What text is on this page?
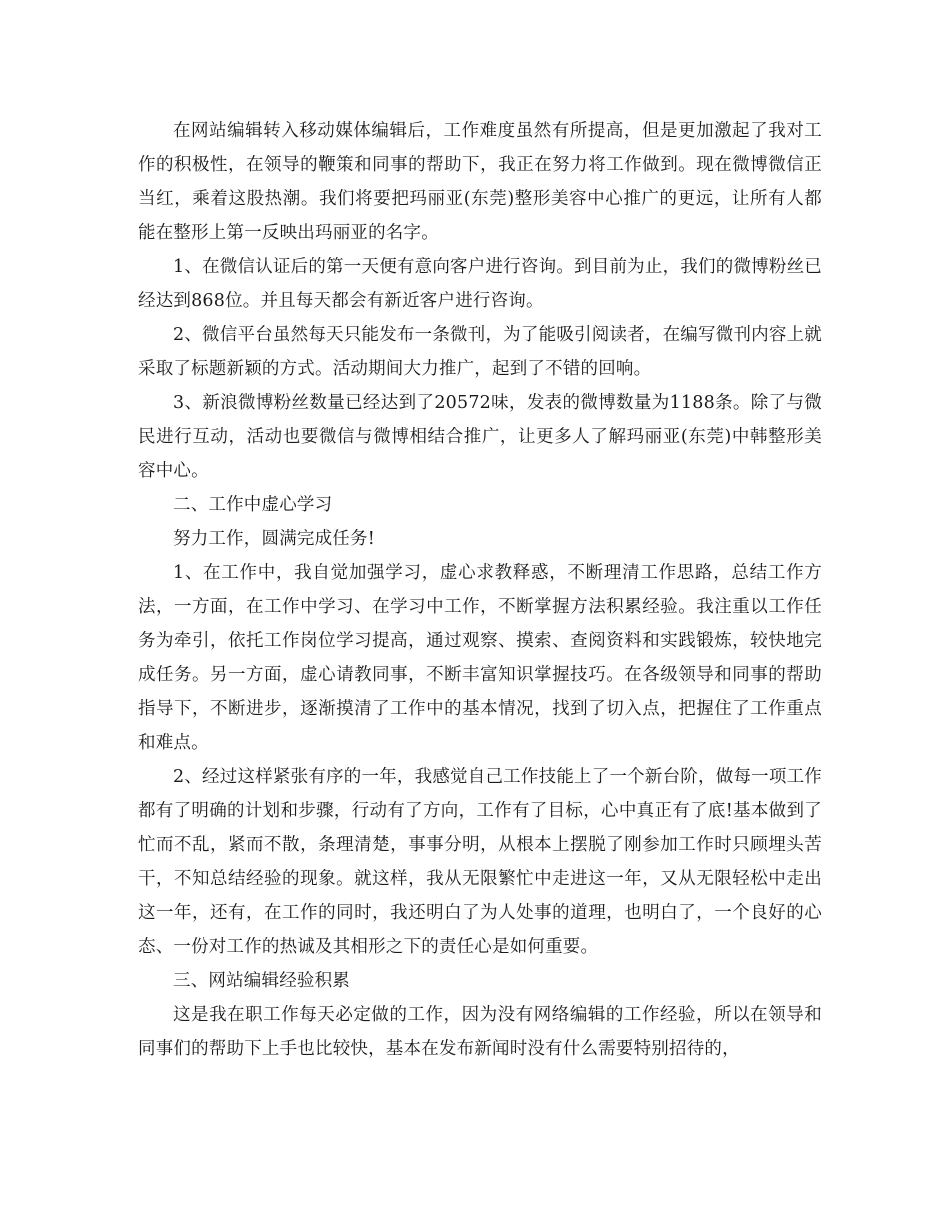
在网站编辑转入移动媒体编辑后，工作难度虽然有所提高，但是更加激起了我对工作的积极性，在领导的鞭策和同事的帮助下，我正在努力将工作做到。现在微博微信正当红，乘着这股热潮。我们将要把玛丽亚(东莞)整形美容中心推广的更远，让所有人都能在整形上第一反映出玛丽亚的名字。

1、在微信认证后的第一天便有意向客户进行咨询。到目前为止，我们的微博粉丝已经达到868位。并且每天都会有新近客户进行咨询。

2、微信平台虽然每天只能发布一条微刊，为了能吸引阅读者，在编写微刊内容上就采取了标题新颖的方式。活动期间大力推广，起到了不错的回响。

3、新浪微博粉丝数量已经达到了20572味，发表的微博数量为1188条。除了与微民进行互动，活动也要微信与微博相结合推广，让更多人了解玛丽亚(东莞)中韩整形美容中心。

二、工作中虚心学习

努力工作，圆满完成任务!

1、在工作中，我自觉加强学习，虚心求教释惑，不断理清工作思路，总结工作方法，一方面，在工作中学习、在学习中工作，不断掌握方法积累经验。我注重以工作任务为牵引，依托工作岗位学习提高，通过观察、摸索、查阅资料和实践锻炼，较快地完成任务。另一方面，虚心请教同事，不断丰富知识掌握技巧。在各级领导和同事的帮助指导下，不断进步，逐渐摸清了工作中的基本情况，找到了切入点，把握住了工作重点和难点。

2、经过这样紧张有序的一年，我感觉自己工作技能上了一个新台阶，做每一项工作都有了明确的计划和步骤，行动有了方向，工作有了目标，心中真正有了底!基本做到了忙而不乱，紧而不散，条理清楚，事事分明，从根本上摆脱了刚参加工作时只顾埋头苦干，不知总结经验的现象。就这样，我从无限繁忙中走进这一年，又从无限轻松中走出这一年，还有，在工作的同时，我还明白了为人处事的道理，也明白了，一个良好的心态、一份对工作的热诚及其相形之下的责任心是如何重要。

三、网站编辑经验积累

这是我在职工作每天必定做的工作，因为没有网络编辑的工作经验，所以在领导和同事们的帮助下上手也比较快，基本在发布新闻时没有什么需要特别招待的，
